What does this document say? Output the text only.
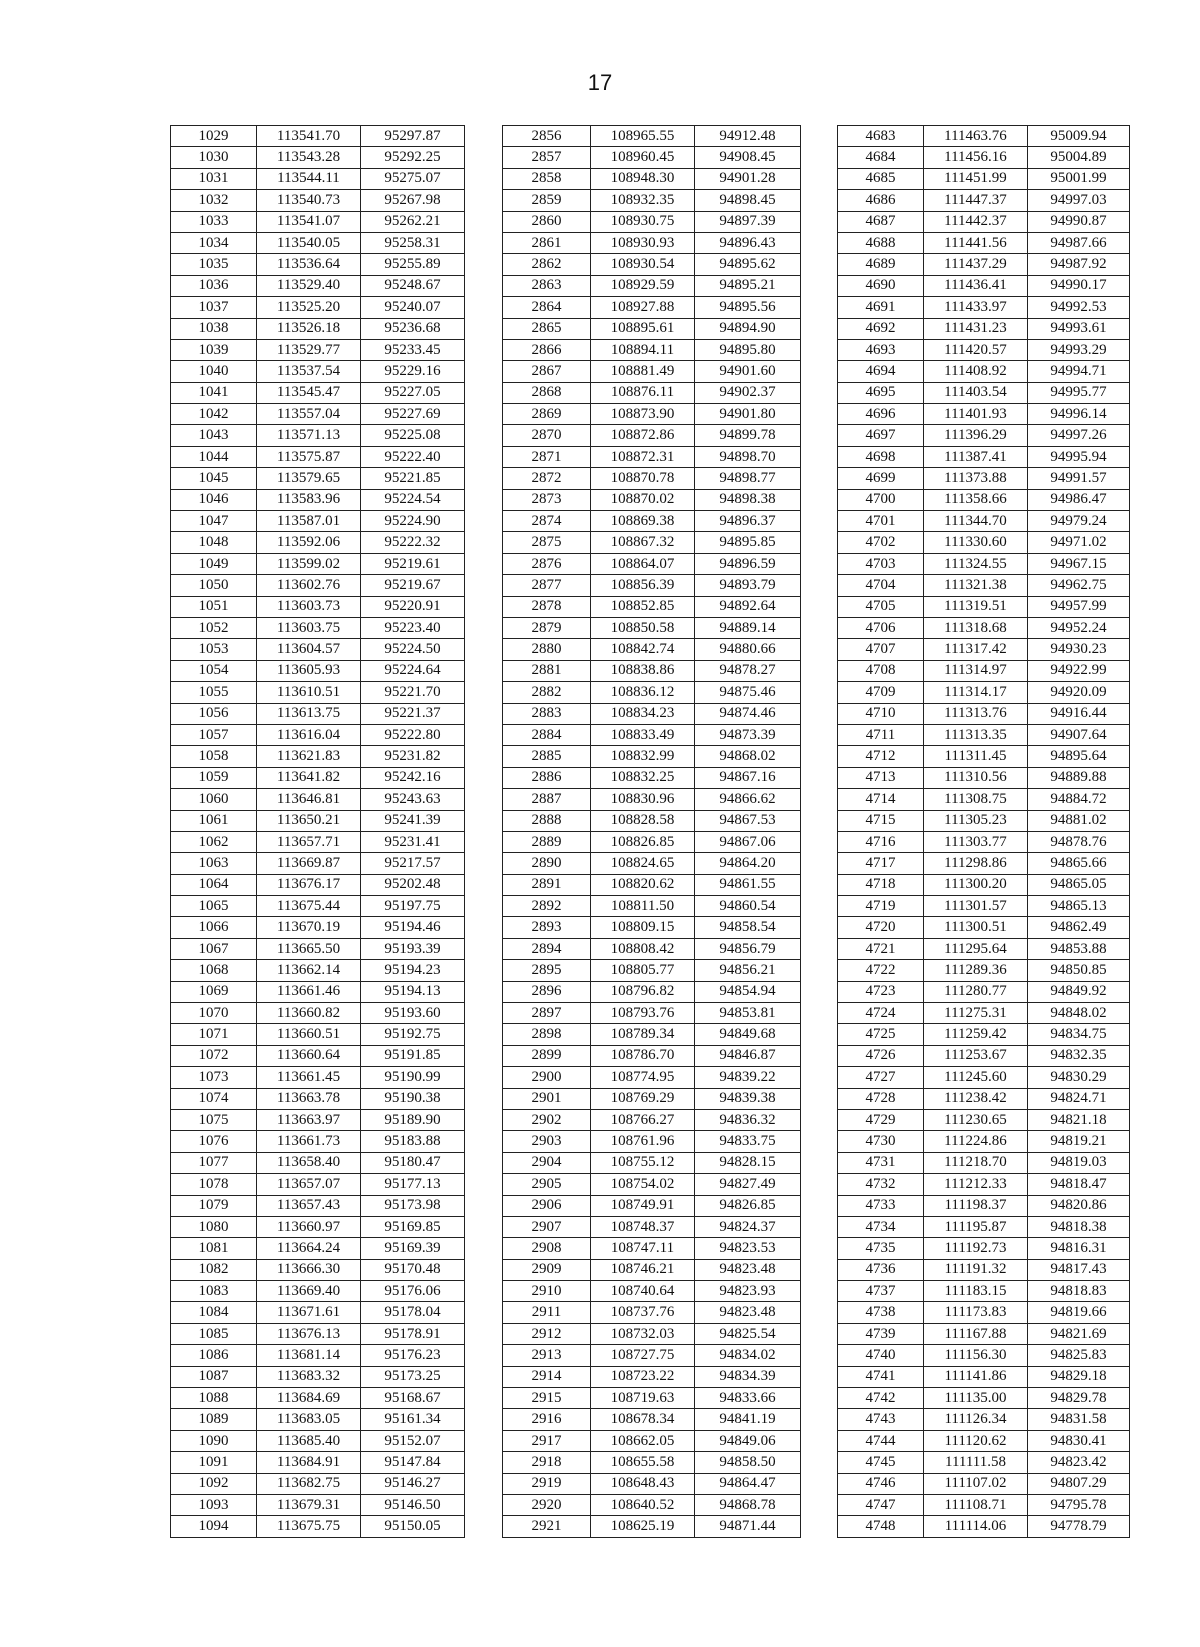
17
1029	113541.70	95297.87
1030	113543.28	95292.25
1031	113544.11	95275.07
1032	113540.73	95267.98
1033	113541.07	95262.21
1034	113540.05	95258.31
1035	113536.64	95255.89
1036	113529.40	95248.67
1037	113525.20	95240.07
1038	113526.18	95236.68
1039	113529.77	95233.45
1040	113537.54	95229.16
1041	113545.47	95227.05
1042	113557.04	95227.69
1043	113571.13	95225.08
1044	113575.87	95222.40
1045	113579.65	95221.85
1046	113583.96	95224.54
1047	113587.01	95224.90
1048	113592.06	95222.32
1049	113599.02	95219.61
1050	113602.76	95219.67
1051	113603.73	95220.91
1052	113603.75	95223.40
1053	113604.57	95224.50
1054	113605.93	95224.64
1055	113610.51	95221.70
1056	113613.75	95221.37
1057	113616.04	95222.80
1058	113621.83	95231.82
1059	113641.82	95242.16
1060	113646.81	95243.63
1061	113650.21	95241.39
1062	113657.71	95231.41
1063	113669.87	95217.57
1064	113676.17	95202.48
1065	113675.44	95197.75
1066	113670.19	95194.46
1067	113665.50	95193.39
1068	113662.14	95194.23
1069	113661.46	95194.13
1070	113660.82	95193.60
1071	113660.51	95192.75
1072	113660.64	95191.85
1073	113661.45	95190.99
1074	113663.78	95190.38
1075	113663.97	95189.90
1076	113661.73	95183.88
1077	113658.40	95180.47
1078	113657.07	95177.13
1079	113657.43	95173.98
1080	113660.97	95169.85
1081	113664.24	95169.39
1082	113666.30	95170.48
1083	113669.40	95176.06
1084	113671.61	95178.04
1085	113676.13	95178.91
1086	113681.14	95176.23
1087	113683.32	95173.25
1088	113684.69	95168.67
1089	113683.05	95161.34
1090	113685.40	95152.07
1091	113684.91	95147.84
1092	113682.75	95146.27
1093	113679.31	95146.50
1094	113675.75	95150.05
2856	108965.55	94912.48
2857	108960.45	94908.45
2858	108948.30	94901.28
2859	108932.35	94898.45
2860	108930.75	94897.39
2861	108930.93	94896.43
2862	108930.54	94895.62
2863	108929.59	94895.21
2864	108927.88	94895.56
2865	108895.61	94894.90
2866	108894.11	94895.80
2867	108881.49	94901.60
2868	108876.11	94902.37
2869	108873.90	94901.80
2870	108872.86	94899.78
2871	108872.31	94898.70
2872	108870.78	94898.77
2873	108870.02	94898.38
2874	108869.38	94896.37
2875	108867.32	94895.85
2876	108864.07	94896.59
2877	108856.39	94893.79
2878	108852.85	94892.64
2879	108850.58	94889.14
2880	108842.74	94880.66
2881	108838.86	94878.27
2882	108836.12	94875.46
2883	108834.23	94874.46
2884	108833.49	94873.39
2885	108832.99	94868.02
2886	108832.25	94867.16
2887	108830.96	94866.62
2888	108828.58	94867.53
2889	108826.85	94867.06
2890	108824.65	94864.20
2891	108820.62	94861.55
2892	108811.50	94860.54
2893	108809.15	94858.54
2894	108808.42	94856.79
2895	108805.77	94856.21
2896	108796.82	94854.94
2897	108793.76	94853.81
2898	108789.34	94849.68
2899	108786.70	94846.87
2900	108774.95	94839.22
2901	108769.29	94839.38
2902	108766.27	94836.32
2903	108761.96	94833.75
2904	108755.12	94828.15
2905	108754.02	94827.49
2906	108749.91	94826.85
2907	108748.37	94824.37
2908	108747.11	94823.53
2909	108746.21	94823.48
2910	108740.64	94823.93
2911	108737.76	94823.48
2912	108732.03	94825.54
2913	108727.75	94834.02
2914	108723.22	94834.39
2915	108719.63	94833.66
2916	108678.34	94841.19
2917	108662.05	94849.06
2918	108655.58	94858.50
2919	108648.43	94864.47
2920	108640.52	94868.78
2921	108625.19	94871.44
4683	111463.76	95009.94
4684	111456.16	95004.89
4685	111451.99	95001.99
4686	111447.37	94997.03
4687	111442.37	94990.87
4688	111441.56	94987.66
4689	111437.29	94987.92
4690	111436.41	94990.17
4691	111433.97	94992.53
4692	111431.23	94993.61
4693	111420.57	94993.29
4694	111408.92	94994.71
4695	111403.54	94995.77
4696	111401.93	94996.14
4697	111396.29	94997.26
4698	111387.41	94995.94
4699	111373.88	94991.57
4700	111358.66	94986.47
4701	111344.70	94979.24
4702	111330.60	94971.02
4703	111324.55	94967.15
4704	111321.38	94962.75
4705	111319.51	94957.99
4706	111318.68	94952.24
4707	111317.42	94930.23
4708	111314.97	94922.99
4709	111314.17	94920.09
4710	111313.76	94916.44
4711	111313.35	94907.64
4712	111311.45	94895.64
4713	111310.56	94889.88
4714	111308.75	94884.72
4715	111305.23	94881.02
4716	111303.77	94878.76
4717	111298.86	94865.66
4718	111300.20	94865.05
4719	111301.57	94865.13
4720	111300.51	94862.49
4721	111295.64	94853.88
4722	111289.36	94850.85
4723	111280.77	94849.92
4724	111275.31	94848.02
4725	111259.42	94834.75
4726	111253.67	94832.35
4727	111245.60	94830.29
4728	111238.42	94824.71
4729	111230.65	94821.18
4730	111224.86	94819.21
4731	111218.70	94819.03
4732	111212.33	94818.47
4733	111198.37	94820.86
4734	111195.87	94818.38
4735	111192.73	94816.31
4736	111191.32	94817.43
4737	111183.15	94818.83
4738	111173.83	94819.66
4739	111167.88	94821.69
4740	111156.30	94825.83
4741	111141.86	94829.18
4742	111135.00	94829.78
4743	111126.34	94831.58
4744	111120.62	94830.41
4745	111111.58	94823.42
4746	111107.02	94807.29
4747	111108.71	94795.78
4748	111114.06	94778.79
